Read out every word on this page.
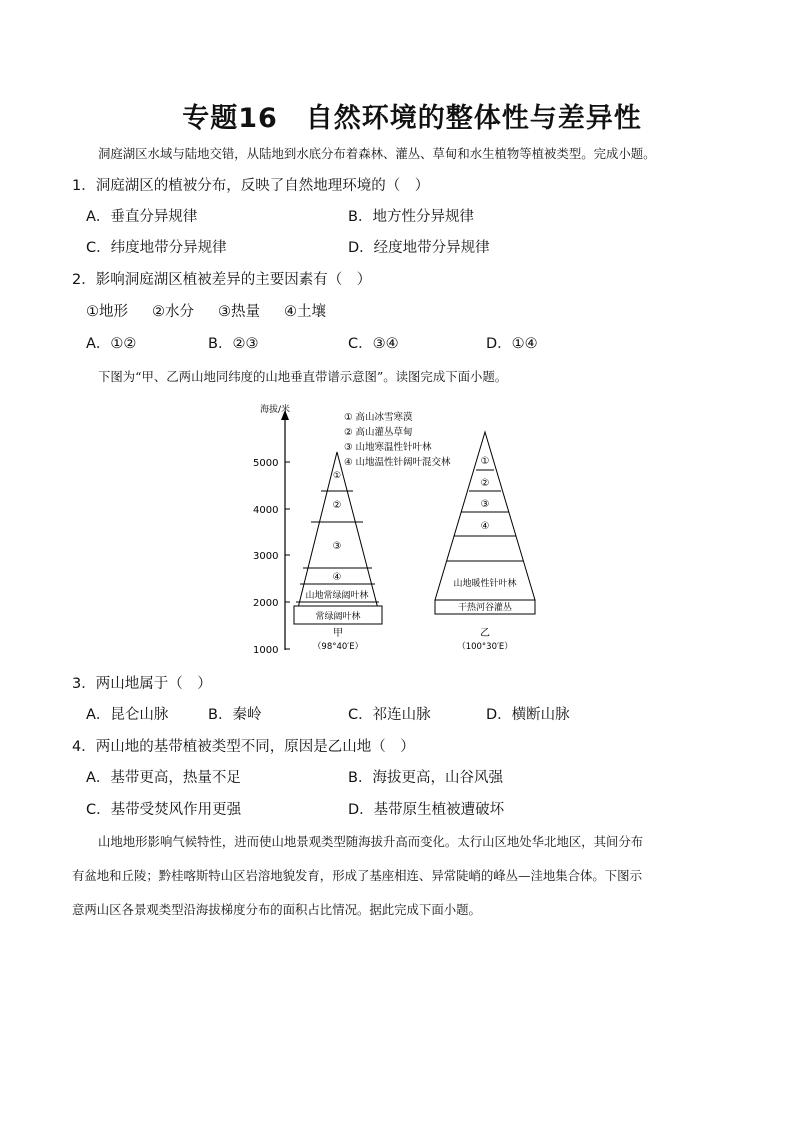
专题16　自然环境的整体性与差异性
洞庭湖区水域与陆地交错，从陆地到水底分布着森林、灌丛、草甸和水生植物等植被类型。完成小题。
1．洞庭湖区的植被分布，反映了自然地理环境的（　）
A．垂直分异规律	B．地方性分异规律
C．纬度地带分异规律	D．经度地带分异规律
2．影响洞庭湖区植被差异的主要因素有（　）
①地形 ②水分 ③热量 ④土壤
A．①②	B．②③	C．③④	D．①④
下图为“甲、乙两山地同纬度的山地垂直带谱示意图”。读图完成下面小题。
海拔/米
5000
4000
3000
2000
1000
① 高山冰雪寒漠
② 高山灌丛草甸
③ 山地寒温性针叶林
④ 山地温性针阔叶混交林
②
③
④
山地常绿阔叶林
常绿阔叶林
甲
（98°40′E）
①
②
③
④
山地暖性针叶林
干热河谷灌丛
乙
（100°30′E）
①
3．两山地属于（　）
A．昆仑山脉	B．秦岭	C．祁连山脉	D．横断山脉
4．两山地的基带植被类型不同，原因是乙山地（　）
A．基带更高，热量不足	B．海拔更高，山谷风强
C．基带受焚风作用更强	D．基带原生植被遭破坏
山地地形影响气候特性，进而使山地景观类型随海拔升高而变化。太行山区地处华北地区，其间分布
有盆地和丘陵；黔桂喀斯特山区岩溶地貌发育，形成了基座相连、异常陡峭的峰丛—洼地集合体。下图示
意两山区各景观类型沿海拔梯度分布的面积占比情况。据此完成下面小题。
